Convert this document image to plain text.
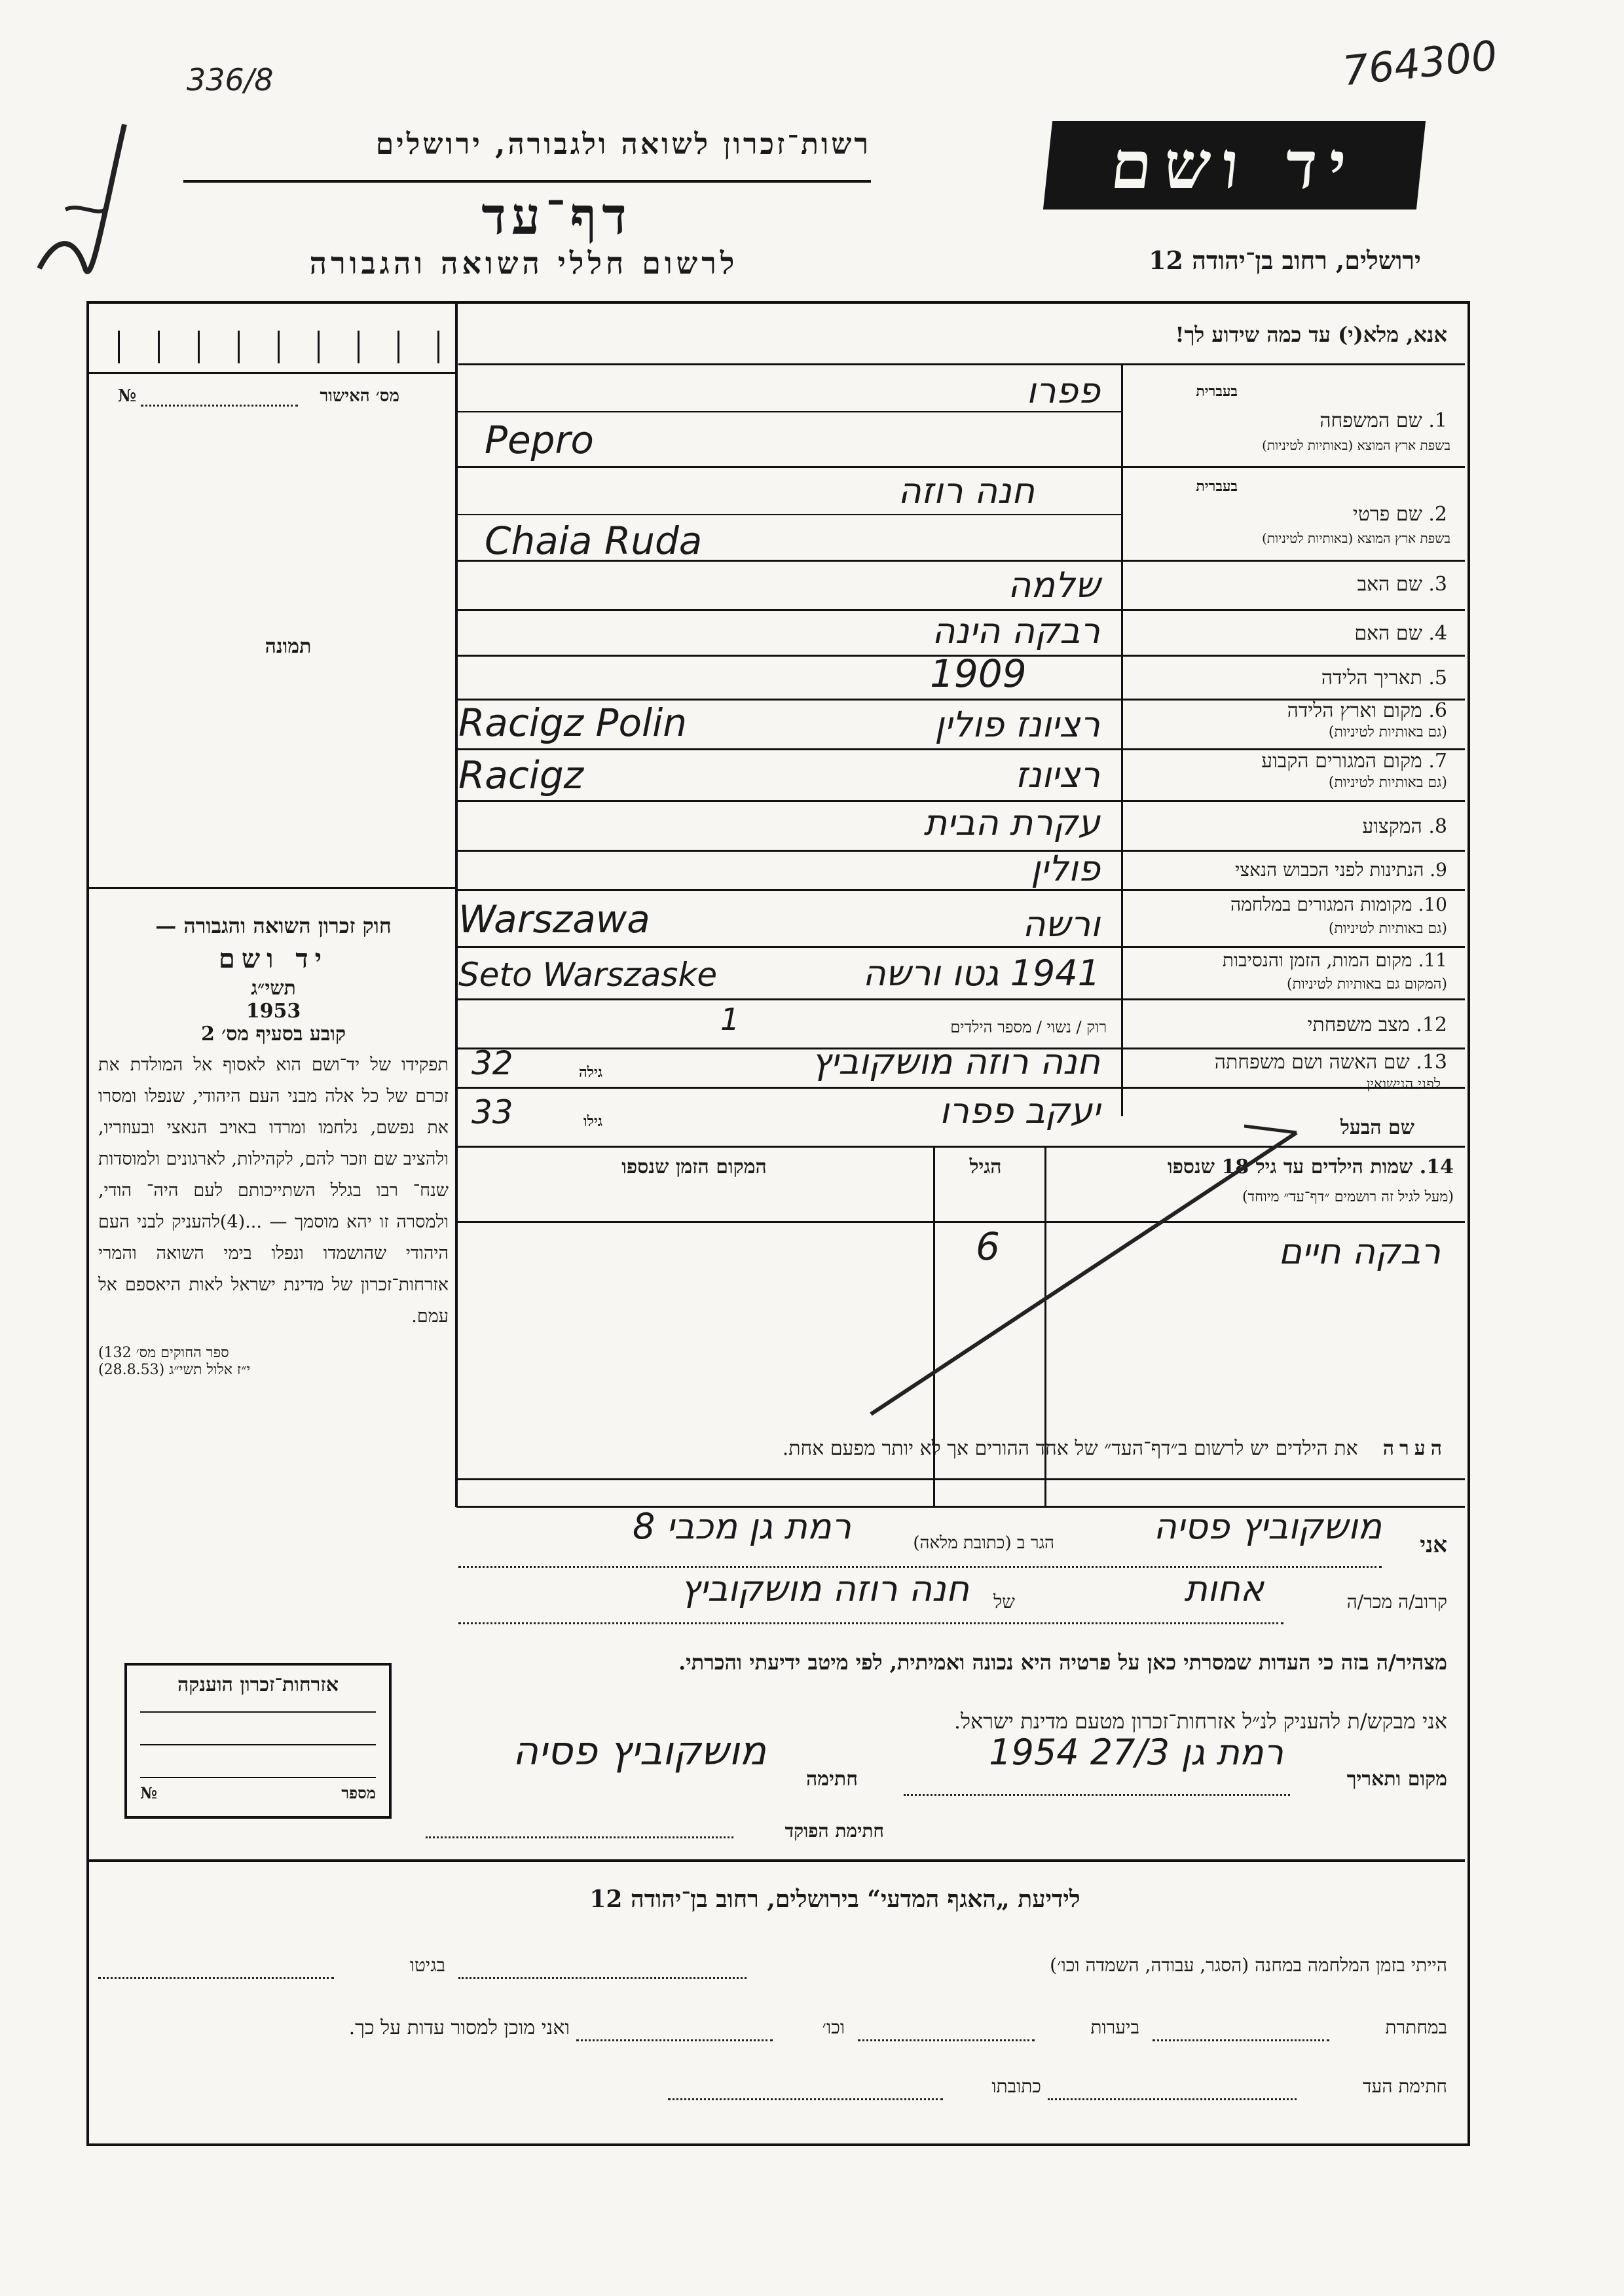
336/8	764300
רשות־זכרון לשואה ולגבורה, ירושלים
דף־עד
לרשום חללי השואה והגבורה
יד ושם
ירושלים, רחוב בן־יהודה 12
אנא, מלא(י) עד כמה שידוע לך!
מס׳ האישור
№
תמונה

חוק זכרון השואה והגבורה —

יד ושם

תשי״ג

1953

קובע בסעיף מס׳ 2

תפקידו של יד־ושם הוא לאסוף אל המולדת את זכרם של כל אלה מבני העם היהודי, שנפלו ומסרו את נפשם, נלחמו ומרדו באויב הנאצי ובעוזריו, ולהציב שם וזכר להם, לקהילות, לארגונים ולמוסדות שנח־ רבו בגלל השתייכותם לעם היה־ הודי, ולמסרה זו יהא מוסמך — ...(4)להעניק לבני העם היהודי שהושמדו ונפלו בימי השואה והמרי אזרחות־זכרון של מדינת ישראל לאות היאספם אל עמם.

(ספר החוקים מס׳ 132

י״ז אלול תשי״ג (28.8.53)

בעברית
1. שם המשפחה
בשפת ארץ המוצא (באותיות לטיניות)
פפרו
Pepro
בעברית
2. שם פרטי
בשפת ארץ המוצא (באותיות לטיניות)
חנה רוזה
Chaia Ruda
3. שם האב
שלמה
4. שם האם
רבקה הינה
5. תאריך הלידה
1909
6. מקום וארץ הלידה
(גם באותיות לטיניות)
רציונז פולין
Racigz Polin
7. מקום המגורים הקבוע
(גם באותיות לטיניות)
רציונז
Racigz
8. המקצוע
עקרת הבית
9. הנתינות לפני הכבוש הנאצי
פולין
10. מקומות המגורים במלחמה
(גם באותיות לטיניות)
ורשה
Warszawa
11. מקום המות, הזמן והנסיבות
(המקום גם באותיות לטיניות)
1941 גטו ורשה
Seto Warszaske
12. מצב משפחתי
רוק / נשוי / מספר הילדים
1
13. שם האשה ושם משפחתה
לפני הנישואין
חנה רוזה מושקוביץ
גילה
32
שם הבעל
יעקב פפרו
גילו
33
14. שמות הילדים עד גיל 18 שנספו
(מעל לגיל זה רושמים ״דף־עד״ מיוחד)
הגיל
המקום הזמן שנספו
רבקה חיים
6
הערה    את הילדים יש לרשום ב״דף־העד״ של אחד ההורים אך לא יותר מפעם אחת.
אני
מושקוביץ פסיה
הגר ב (כתובת מלאה)
רמת גן מכבי 8
קרוב/ה מכר/ה
אחות
של
חנה רוזה מושקוביץ
מצהיר/ה בזה כי העדות שמסרתי כאן על פרטיה היא נכונה ואמיתית, לפי מיטב ידיעתי והכרתי.
אני מבקש/ת להעניק לנ״ל אזרחות־זכרון מטעם מדינת ישראל.
מקום ותאריך
רמת גן 27/3 1954
חתימה
מושקוביץ פסיה
חתימת הפוקד
אזרחות־זכרון הוענקה
מספר
№
לידיעת „האגף המדעי“ בירושלים, רחוב בן־יהודה 12
הייתי בזמן המלחמה במחנה (הסגר, עבודה, השמדה וכו׳)
בגיטו
במחתרת
ביערות
וכו׳
ואני מוכן למסור עדות על כך.
חתימת העד
כתובתו
